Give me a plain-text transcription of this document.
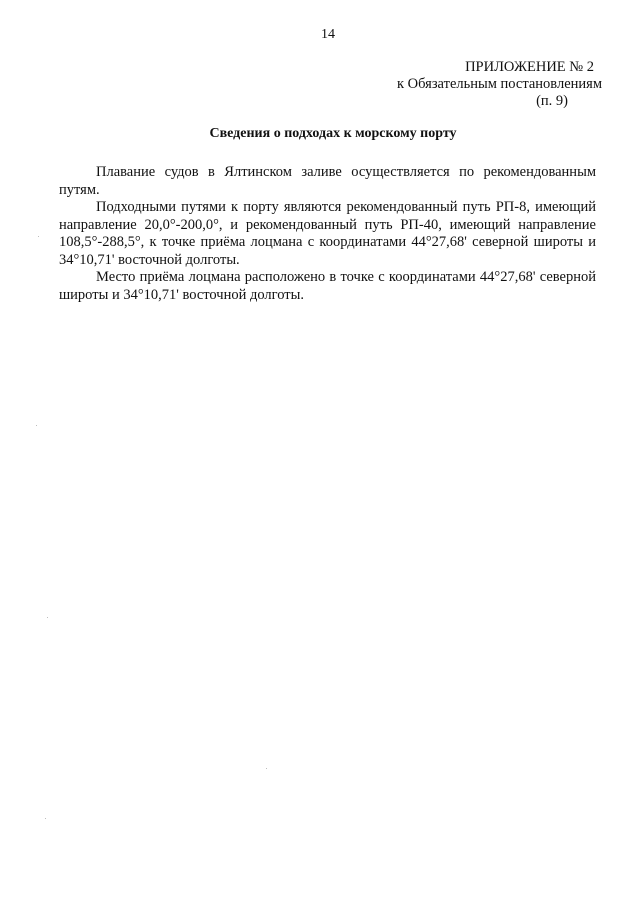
14
ПРИЛОЖЕНИЕ № 2
к Обязательным постановлениям
(п. 9)
Сведения о подходах к морскому порту

Плавание судов в Ялтинском заливе осуществляется по рекомендованным путям.

Подходными путями к порту являются рекомендованный путь РП-8, имеющий направление 20,0°-200,0°, и рекомендованный путь РП-40, имеющий направление 108,5°-288,5°, к точке приёма лоцмана с координатами 44°27,68' северной широты и 34°10,71' восточной долготы.

Место приёма лоцмана расположено в точке с координатами 44°27,68' северной широты и 34°10,71' восточной долготы.
